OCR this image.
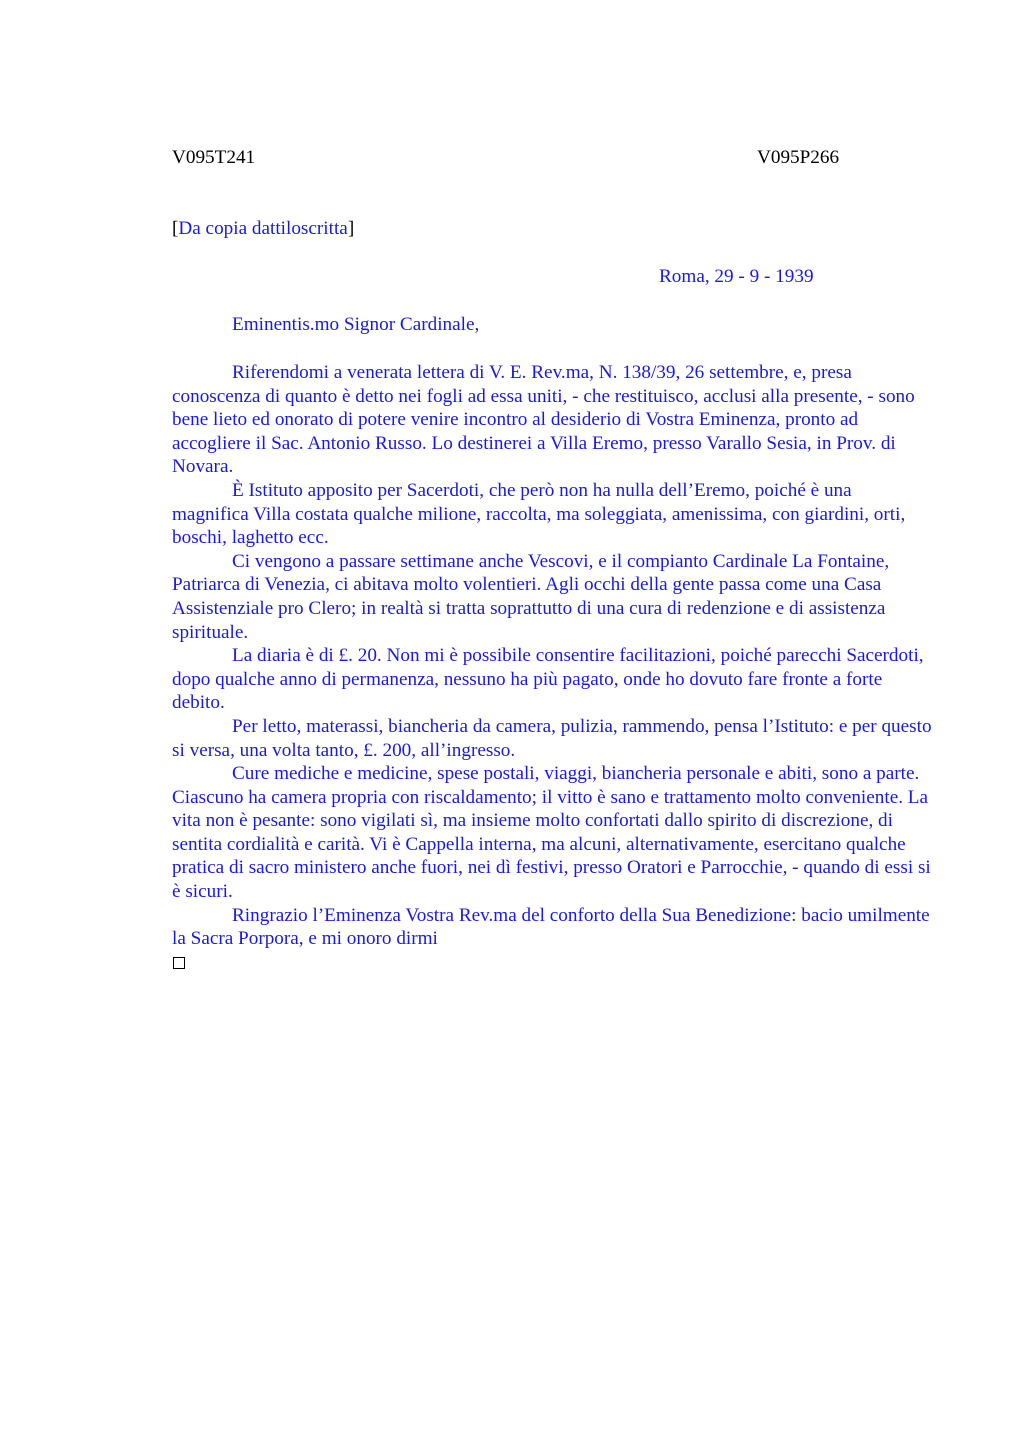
V095T241	V095P266
[Da copia dattiloscritta]
Roma, 29 - 9 - 1939
Eminentis.mo Signor Cardinale,

Riferendomi a venerata lettera di V. E. Rev.ma, N. 138/39, 26 settembre, e, presa conoscenza di quanto è detto nei fogli ad essa uniti, - che restituisco, acclusi alla presente, - sono bene lieto ed onorato di potere venire incontro al desiderio di Vostra Eminenza, pronto ad accogliere il Sac. Antonio Russo. Lo destinerei a Villa Eremo, presso Varallo Sesia, in Prov. di Novara.

È Istituto apposito per Sacerdoti, che però non ha nulla dell’Eremo, poiché è una magnifica Villa costata qualche milione, raccolta, ma soleggiata, amenissima, con giardini, orti, boschi, laghetto ecc.

Ci vengono a passare settimane anche Vescovi, e il compianto Cardinale La Fontaine, Patriarca di Venezia, ci abitava molto volentieri. Agli occhi della gente passa come una Casa Assistenziale pro Clero; in realtà si tratta soprattutto di una cura di redenzione e di assistenza spirituale.

La diaria è di £. 20. Non mi è possibile consentire facilitazioni, poiché parecchi Sacerdoti, dopo qualche anno di permanenza, nessuno ha più pagato, onde ho dovuto fare fronte a forte debito.

Per letto, materassi, biancheria da camera, pulizia, rammendo, pensa l’Istituto: e per questo si versa, una volta tanto, £. 200, all’ingresso.

Cure mediche e medicine, spese postali, viaggi, biancheria personale e abiti, sono a parte. Ciascuno ha camera propria con riscaldamento; il vitto è sano e trattamento molto conveniente. La vita non è pesante: sono vigilati sì, ma insieme molto confortati dallo spirito di discrezione, di sentita cordialità e carità. Vi è Cappella interna, ma alcuni, alternativamente, esercitano qualche pratica di sacro ministero anche fuori, nei dì festivi, presso Oratori e Parrocchie, - quando di essi si è sicuri.

Ringrazio l’Eminenza Vostra Rev.ma del conforto della Sua Benedizione: bacio umilmente la Sacra Porpora, e mi onoro dirmi
